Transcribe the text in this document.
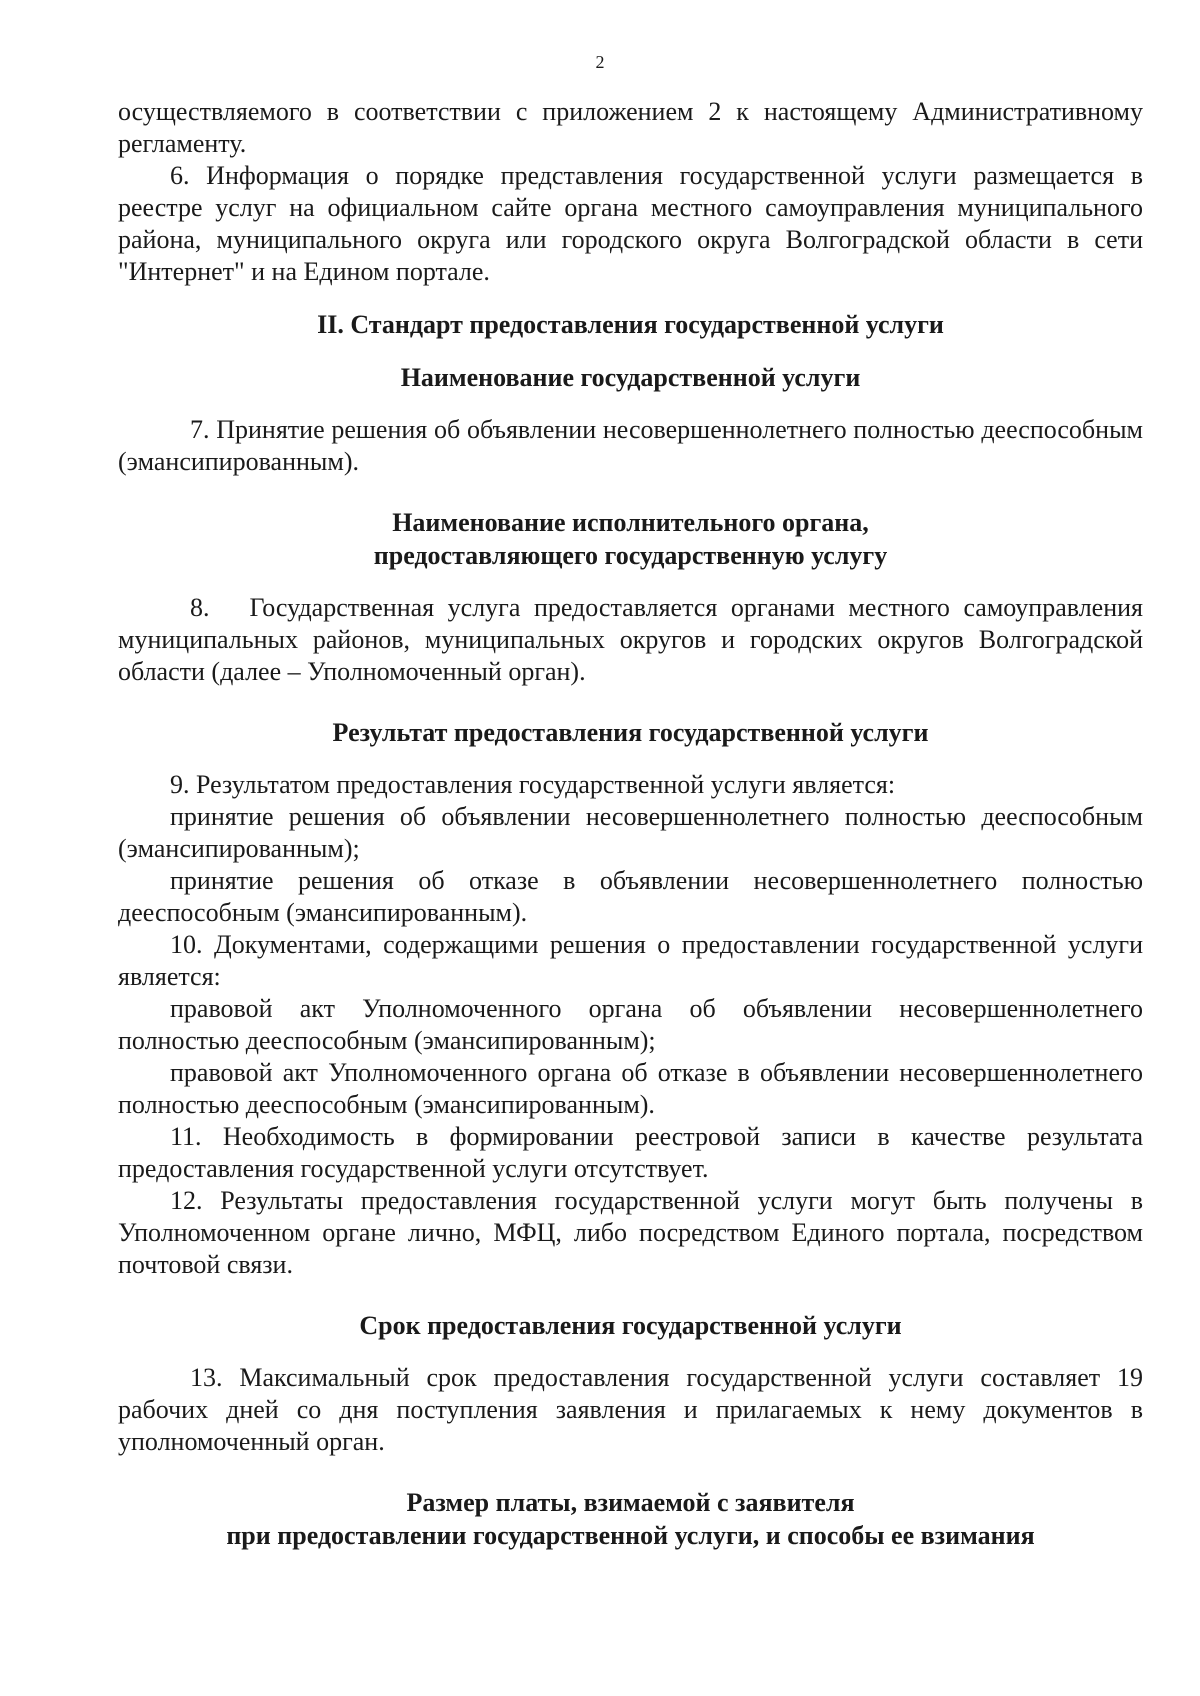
2

осуществляемого в соответствии с приложением 2 к настоящему Административному регламенту.

6. Информация о порядке представления государственной услуги размещается в реестре услуг на официальном сайте органа местного самоуправления муниципального района, муниципального округа или городского округа Волгоградской области в сети "Интернет" и на Едином портале.

II. Стандарт предоставления государственной услуги
Наименование государственной услуги

7. Принятие решения об объявлении несовершеннолетнего полностью дееспособным (эмансипированным).

Наименование исполнительного органа,
предоставляющего государственную услугу

8. Государственная услуга предоставляется органами местного самоуправления муниципальных районов, муниципальных округов и городских округов Волгоградской области (далее – Уполномоченный орган).

Результат предоставления государственной услуги

9. Результатом предоставления государственной услуги является:

принятие решения об объявлении несовершеннолетнего полностью дееспособным (эмансипированным);

принятие решения об отказе в объявлении несовершеннолетнего полностью дееспособным (эмансипированным).

10. Документами, содержащими решения о предоставлении государственной услуги является:

правовой акт Уполномоченного органа об объявлении несовершеннолетнего полностью дееспособным (эманcипированным);

правовой акт Уполномоченного органа об отказе в объявлении несовершеннолетнего полностью дееспособным (эмансипированным).

11. Необходимость в формировании реестровой записи в качестве результата предоставления государственной услуги отсутствует.

12. Результаты предоставления государственной услуги могут быть получены в Уполномоченном органе лично, МФЦ, либо посредством Единого портала, посредством почтовой связи.

Срок предоставления государственной услуги

13. Максимальный срок предоставления государственной услуги составляет 19 рабочих дней со дня поступления заявления и прилагаемых к нему документов в уполномоченный орган.

Размер платы, взимаемой с заявителя
при предоставлении государственной услуги, и способы ее взимания
